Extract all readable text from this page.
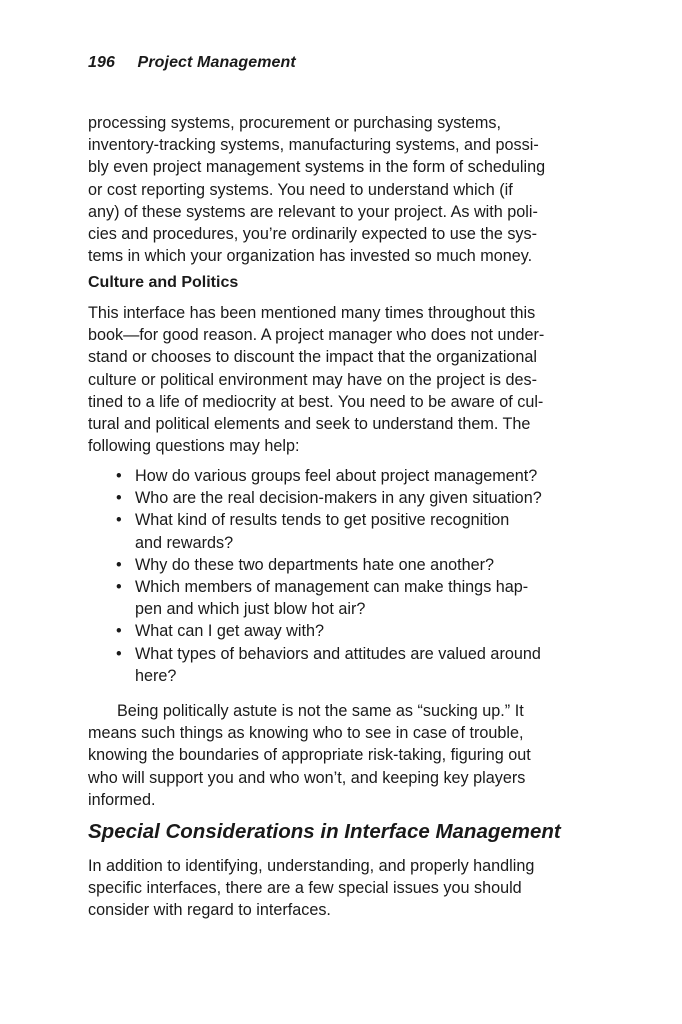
196 Project Management

processing systems, procurement or purchasing systems,
inventory-tracking systems, manufacturing systems, and possi-
bly even project management systems in the form of scheduling
or cost reporting systems. You need to understand which (if
any) of these systems are relevant to your project. As with poli-
cies and procedures, you’re ordinarily expected to use the sys-
tems in which your organization has invested so much money.

Culture and Politics

This interface has been mentioned many times throughout this
book—for good reason. A project manager who does not under-
stand or chooses to discount the impact that the organizational
culture or political environment may have on the project is des-
tined to a life of mediocrity at best. You need to be aware of cul-
tural and political elements and seek to understand them. The
following questions may help:

• How do various groups feel about project management?
• Who are the real decision-makers in any given situation?
• What kind of results tends to get positive recognition
and rewards?
• Why do these two departments hate one another?
• Which members of management can make things hap-
pen and which just blow hot air?
• What can I get away with?
• What types of behaviors and attitudes are valued around
here?

Being politically astute is not the same as “sucking up.” It
means such things as knowing who to see in case of trouble,
knowing the boundaries of appropriate risk-taking, figuring out
who will support you and who won’t, and keeping key players
informed.

Special Considerations in Interface Management

In addition to identifying, understanding, and properly handling
specific interfaces, there are a few special issues you should
consider with regard to interfaces.
